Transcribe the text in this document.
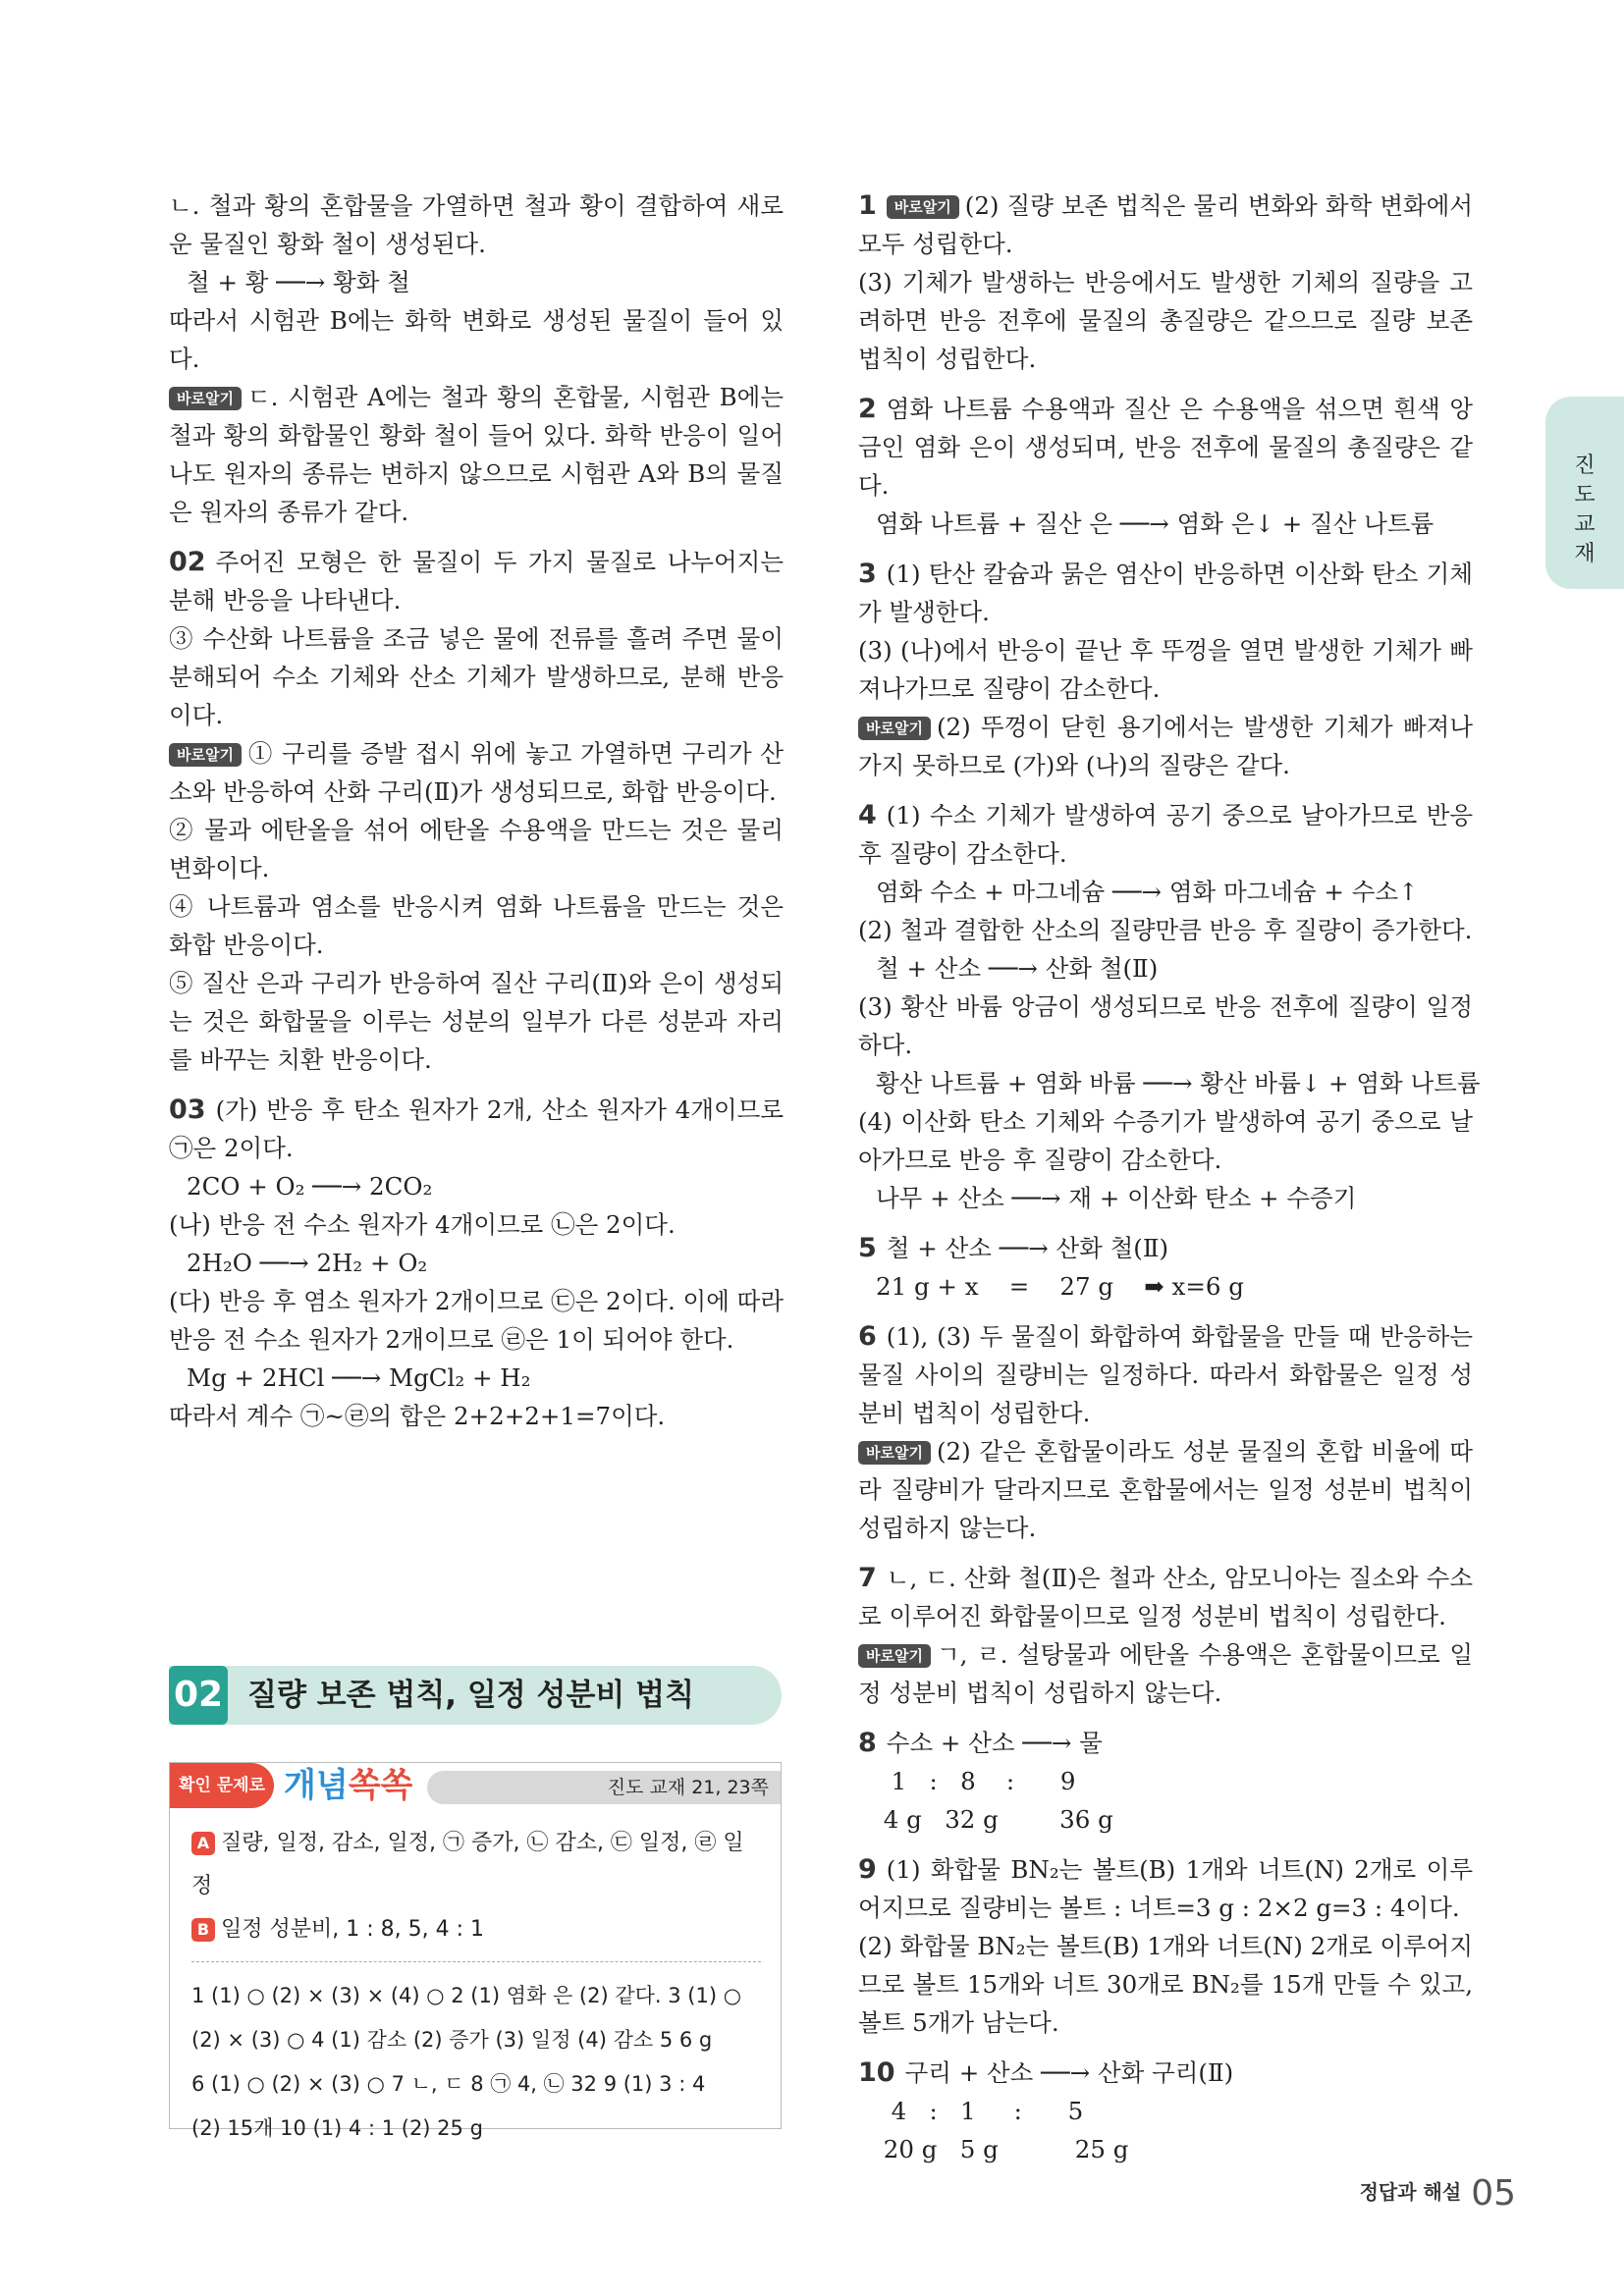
ㄴ. 철과 황의 혼합물을 가열하면 철과 황이 결합하여 새로운 물질인 황화 철이 생성된다.
철 + 황 ──→ 황화 철
따라서 시험관 B에는 화학 변화로 생성된 물질이 들어 있다.
바로알기 ㄷ. 시험관 A에는 철과 황의 혼합물, 시험관 B에는 철과 황의 화합물인 황화 철이 들어 있다. 화학 반응이 일어나도 원자의 종류는 변하지 않으므로 시험관 A와 B의 물질은 원자의 종류가 같다.
02 주어진 모형은 한 물질이 두 가지 물질로 나누어지는 분해 반응을 나타낸다.
③ 수산화 나트륨을 조금 넣은 물에 전류를 흘려 주면 물이 분해되어 수소 기체와 산소 기체가 발생하므로, 분해 반응이다.
바로알기 ① 구리를 증발 접시 위에 놓고 가열하면 구리가 산소와 반응하여 산화 구리(Ⅱ)가 생성되므로, 화합 반응이다.
② 물과 에탄올을 섞어 에탄올 수용액을 만드는 것은 물리 변화이다.
④ 나트륨과 염소를 반응시켜 염화 나트륨을 만드는 것은 화합 반응이다.
⑤ 질산 은과 구리가 반응하여 질산 구리(Ⅱ)와 은이 생성되는 것은 화합물을 이루는 성분의 일부가 다른 성분과 자리를 바꾸는 치환 반응이다.
03 (가) 반응 후 탄소 원자가 2개, 산소 원자가 4개이므로 ㉠은 2이다.
2CO + O₂ ──→ 2CO₂
(나) 반응 전 수소 원자가 4개이므로 ㉡은 2이다.
2H₂O ──→ 2H₂ + O₂
(다) 반응 후 염소 원자가 2개이므로 ㉢은 2이다. 이에 따라 반응 전 수소 원자가 2개이므로 ㉣은 1이 되어야 한다.
Mg + 2HCl ──→ MgCl₂ + H₂
따라서 계수 ㉠~㉣의 합은 2+2+2+1=7이다.
1 바로알기 (2) 질량 보존 법칙은 물리 변화와 화학 변화에서 모두 성립한다.
(3) 기체가 발생하는 반응에서도 발생한 기체의 질량을 고려하면 반응 전후에 물질의 총질량은 같으므로 질량 보존 법칙이 성립한다.
2 염화 나트륨 수용액과 질산 은 수용액을 섞으면 흰색 앙금인 염화 은이 생성되며, 반응 전후에 물질의 총질량은 같다.
염화 나트륨 + 질산 은 ──→ 염화 은↓ + 질산 나트륨
3 (1) 탄산 칼슘과 묽은 염산이 반응하면 이산화 탄소 기체가 발생한다.
(3) (나)에서 반응이 끝난 후 뚜껑을 열면 발생한 기체가 빠져나가므로 질량이 감소한다.
바로알기 (2) 뚜껑이 닫힌 용기에서는 발생한 기체가 빠져나가지 못하므로 (가)와 (나)의 질량은 같다.
4 (1) 수소 기체가 발생하여 공기 중으로 날아가므로 반응 후 질량이 감소한다.
염화 수소 + 마그네슘 ──→ 염화 마그네슘 + 수소↑
(2) 철과 결합한 산소의 질량만큼 반응 후 질량이 증가한다.
철 + 산소 ──→ 산화 철(Ⅱ)
(3) 황산 바륨 앙금이 생성되므로 반응 전후에 질량이 일정하다.
황산 나트륨 + 염화 바륨 ──→ 황산 바륨↓ + 염화 나트륨
(4) 이산화 탄소 기체와 수증기가 발생하여 공기 중으로 날아가므로 반응 후 질량이 감소한다.
나무 + 산소 ──→ 재 + 이산화 탄소 + 수증기
5 철 + 산소 ──→ 산화 철(Ⅱ)
21 g + x    =    27 g    ➡ x=6 g
6 (1), (3) 두 물질이 화합하여 화합물을 만들 때 반응하는 물질 사이의 질량비는 일정하다. 따라서 화합물은 일정 성분비 법칙이 성립한다.
바로알기 (2) 같은 혼합물이라도 성분 물질의 혼합 비율에 따라 질량비가 달라지므로 혼합물에서는 일정 성분비 법칙이 성립하지 않는다.
7 ㄴ, ㄷ. 산화 철(Ⅱ)은 철과 산소, 암모니아는 질소와 수소로 이루어진 화합물이므로 일정 성분비 법칙이 성립한다.
바로알기 ㄱ, ㄹ. 설탕물과 에탄올 수용액은 혼합물이므로 일정 성분비 법칙이 성립하지 않는다.
8 수소 + 산소 ──→ 물
1   :   8    :      9
4 g   32 g        36 g
9 (1) 화합물 BN₂는 볼트(B) 1개와 너트(N) 2개로 이루어지므로 질량비는 볼트 : 너트=3 g : 2×2 g=3 : 4이다.
(2) 화합물 BN₂는 볼트(B) 1개와 너트(N) 2개로 이루어지므로 볼트 15개와 너트 30개로 BN₂를 15개 만들 수 있고, 볼트 5개가 남는다.
10 구리 + 산소 ──→ 산화 구리(Ⅱ)
4   :   1     :      5
20 g   5 g          25 g
02 질량 보존 법칙, 일정 성분비 법칙
확인 문제로 개념쏙쏙	진도 교재 21, 23쪽
A 질량, 일정, 감소, 일정, ㉠ 증가, ㉡ 감소, ㉢ 일정, ㉣ 일정
B 일정 성분비, 1 : 8, 5, 4 : 1
1 (1) ○ (2) × (3) × (4) ○ 2 (1) 염화 은 (2) 같다. 3 (1) ○
(2) × (3) ○ 4 (1) 감소 (2) 증가 (3) 일정 (4) 감소 5 6 g
6 (1) ○ (2) × (3) ○ 7 ㄴ, ㄷ 8 ㉠ 4, ㉡ 32 9 (1) 3 : 4
(2) 15개 10 (1) 4 : 1 (2) 25 g
진도 교재
정답과 해설 05
